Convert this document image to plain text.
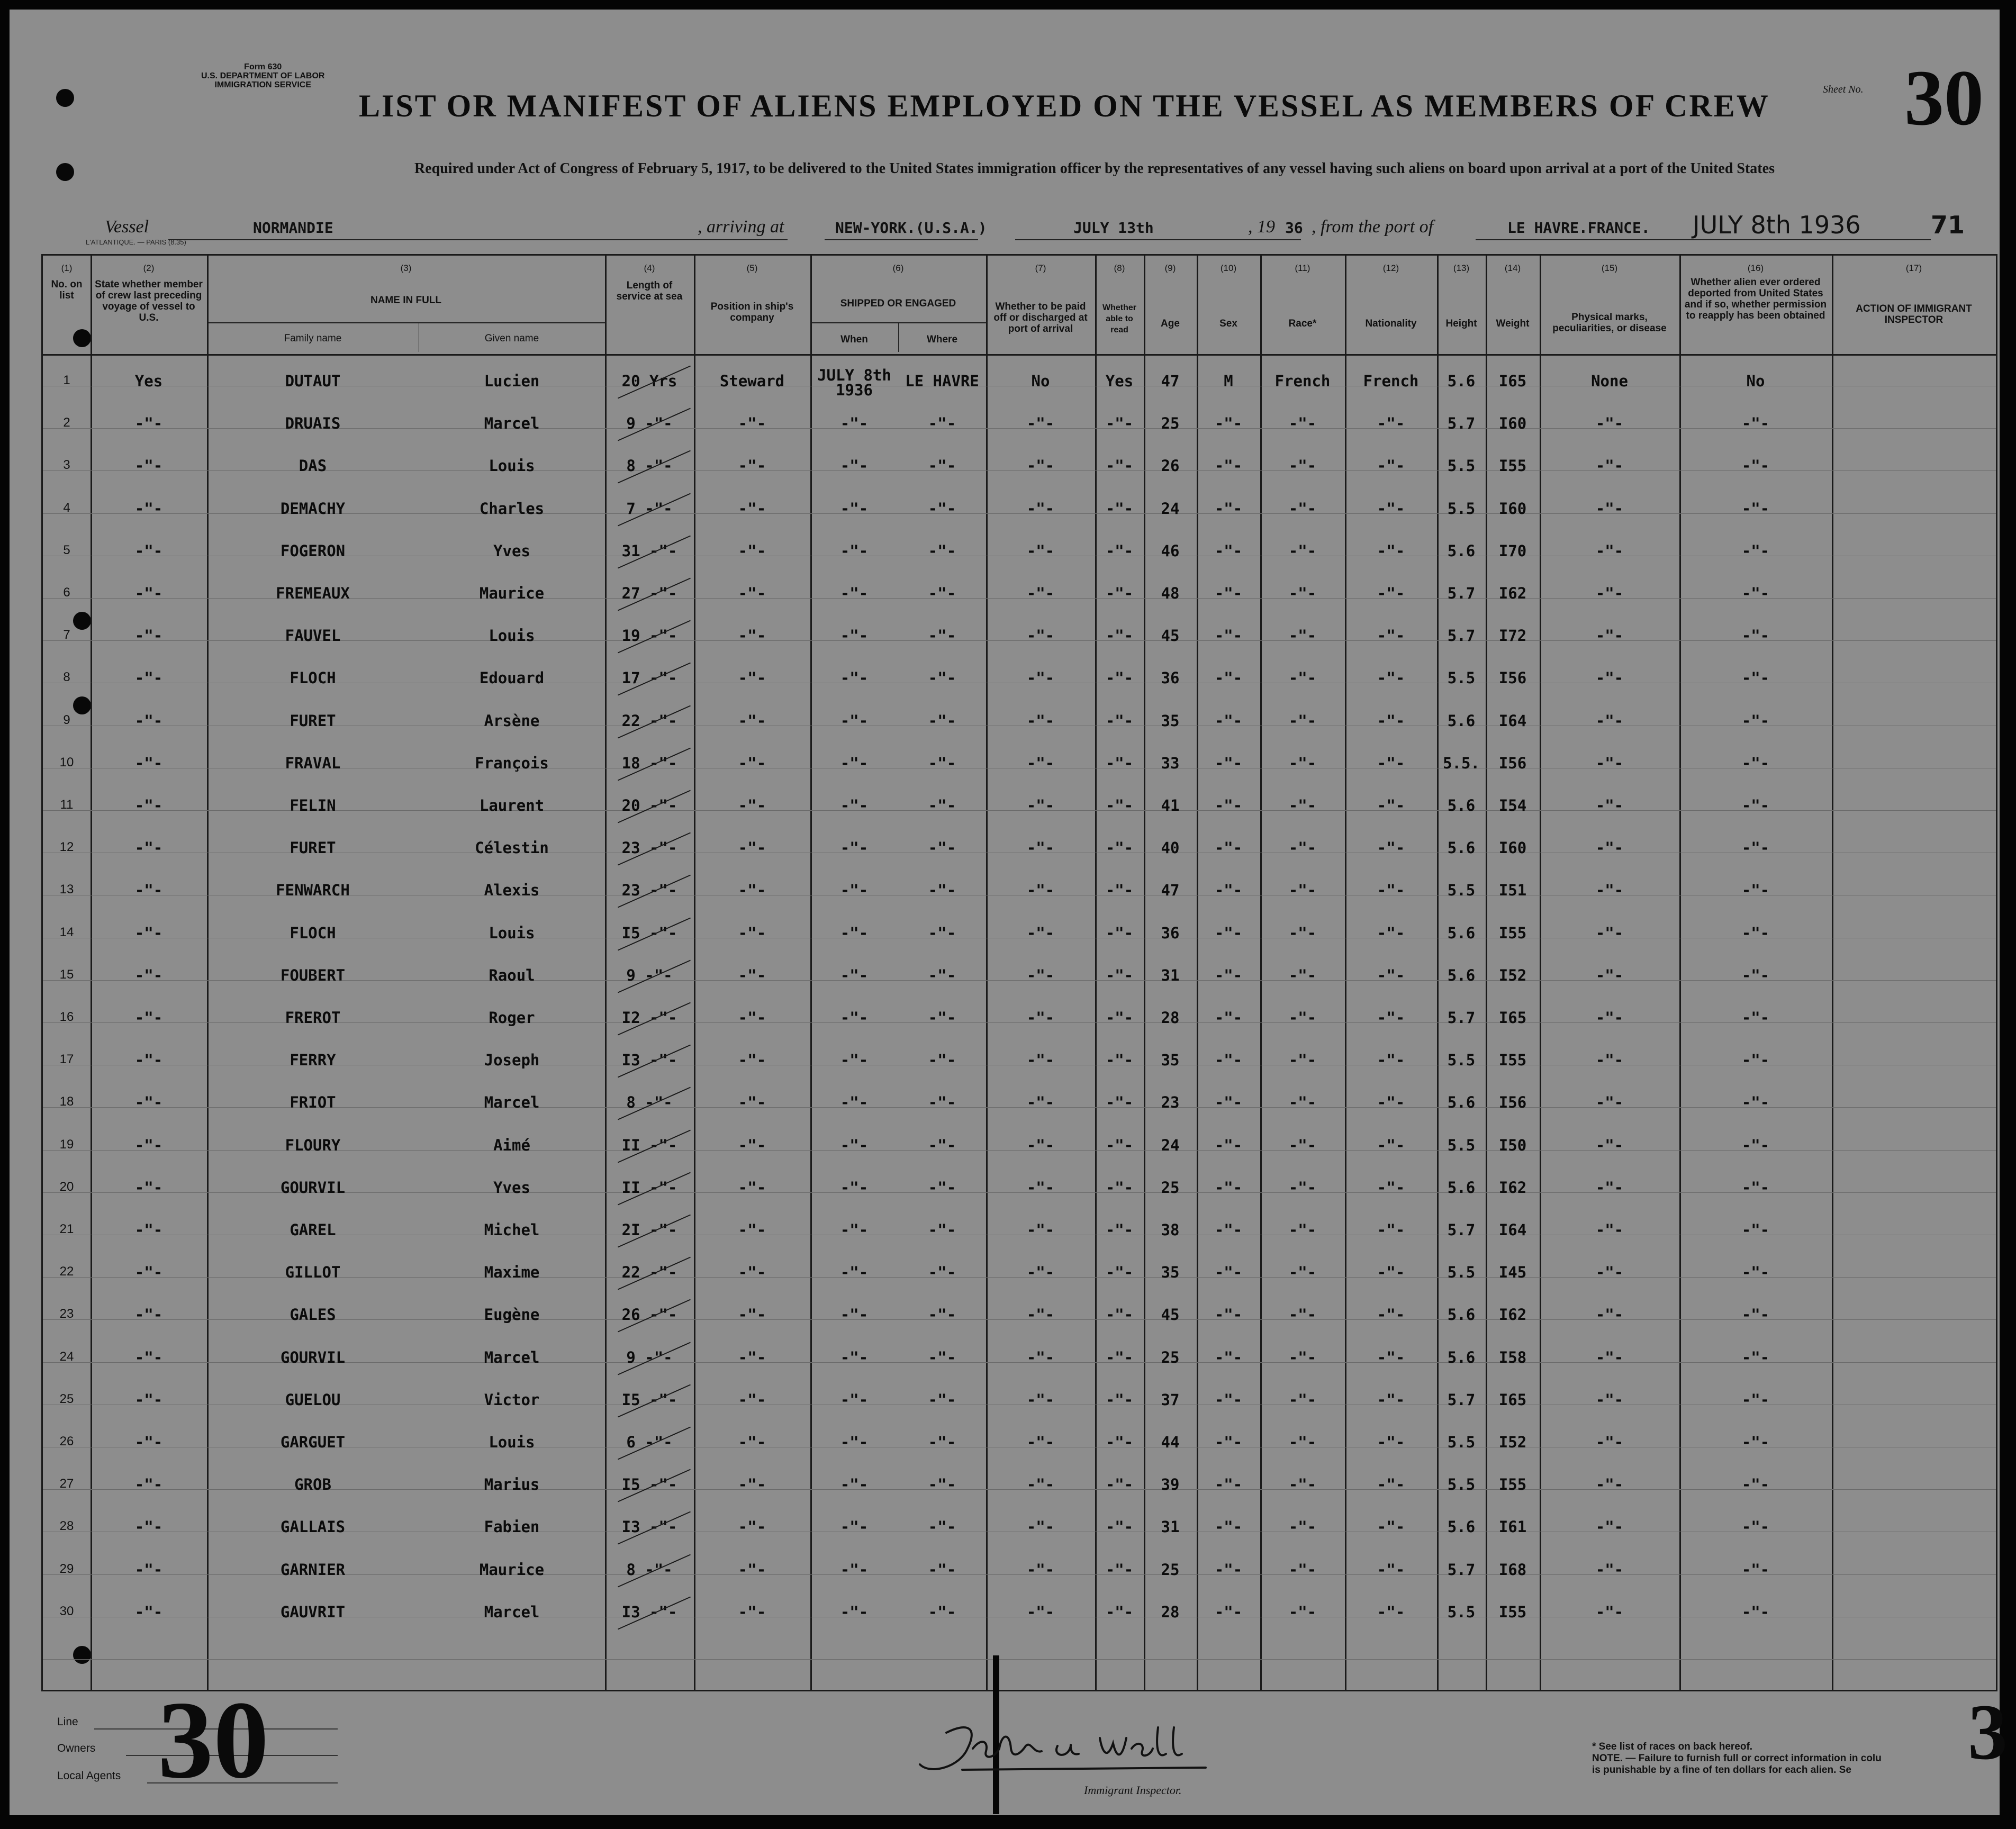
Form 630
U.S. DEPARTMENT OF LABOR
IMMIGRATION SERVICE
LIST OR MANIFEST OF ALIENS EMPLOYED ON THE VESSEL AS MEMBERS OF CREW	Sheet No. 30
Required under Act of Congress of February 5, 1917, to be delivered to the United States immigration officer by the representatives of any vessel having such aliens on board upon arrival at a port of the United States
Vessel	NORMANDIE	, arriving at	NEW-YORK.(U.S.A.)	JULY 13th	, 19 36 , from the port of	LE HAVRE.FRANCE. JULY 8th 1936	71
L'ATLANTIQUE. — PARIS (8.35)
(1)
No. on list
(2)
State whether member of crew last preceding voyage of vessel to U.S.
(3)
NAME IN FULL
Family name	Given name
(4)
Length of service at sea
(5)
Position in ship's company
(6)
SHIPPED OR ENGAGED
When	Where
(7)
Whether to be paid off or discharged at port of arrival
(8)
Whether able to read
(9)
Age
(10)
Sex
(11)
Race*
(12)
Nationality
(13)
Height
(14)
Weight
(15)
Physical marks, peculiarities, or disease
(16)
Whether alien ever ordered deported from United States and if so, whether permission to reapply has been obtained
(17)
ACTION OF IMMIGRANT INSPECTOR
1	Yes	DUTAUT	Lucien	20 Yrs	Steward	JULY 8th 1936	LE HAVRE	No	Yes	47	M	French	French	5.6	I65	None	No
2	-"-	DRUAIS	Marcel	9 -"-	-"-	-"-	-"-	-"-	-"-	25	-"-	-"-	-"-	5.7	I60	-"-	-"-
3	-"-	DAS	Louis	8 -"-	-"-	-"-	-"-	-"-	-"-	26	-"-	-"-	-"-	5.5	I55	-"-	-"-
4	-"-	DEMACHY	Charles	7 -"-	-"-	-"-	-"-	-"-	-"-	24	-"-	-"-	-"-	5.5	I60	-"-	-"-
5	-"-	FOGERON	Yves	31 -"-	-"-	-"-	-"-	-"-	-"-	46	-"-	-"-	-"-	5.6	I70	-"-	-"-
6	-"-	FREMEAUX	Maurice	27 -"-	-"-	-"-	-"-	-"-	-"-	48	-"-	-"-	-"-	5.7	I62	-"-	-"-
7	-"-	FAUVEL	Louis	19 -"-	-"-	-"-	-"-	-"-	-"-	45	-"-	-"-	-"-	5.7	I72	-"-	-"-
8	-"-	FLOCH	Edouard	17 -"-	-"-	-"-	-"-	-"-	-"-	36	-"-	-"-	-"-	5.5	I56	-"-	-"-
9	-"-	FURET	Arsène	22 -"-	-"-	-"-	-"-	-"-	-"-	35	-"-	-"-	-"-	5.6	I64	-"-	-"-
10	-"-	FRAVAL	François	18 -"-	-"-	-"-	-"-	-"-	-"-	33	-"-	-"-	-"-	5.5.	I56	-"-	-"-
11	-"-	FELIN	Laurent	20 -"-	-"-	-"-	-"-	-"-	-"-	41	-"-	-"-	-"-	5.6	I54	-"-	-"-
12	-"-	FURET	Célestin	23 -"-	-"-	-"-	-"-	-"-	-"-	40	-"-	-"-	-"-	5.6	I60	-"-	-"-
13	-"-	FENWARCH	Alexis	23 -"-	-"-	-"-	-"-	-"-	-"-	47	-"-	-"-	-"-	5.5	I51	-"-	-"-
14	-"-	FLOCH	Louis	I5 -"-	-"-	-"-	-"-	-"-	-"-	36	-"-	-"-	-"-	5.6	I55	-"-	-"-
15	-"-	FOUBERT	Raoul	9 -"-	-"-	-"-	-"-	-"-	-"-	31	-"-	-"-	-"-	5.6	I52	-"-	-"-
16	-"-	FREROT	Roger	I2 -"-	-"-	-"-	-"-	-"-	-"-	28	-"-	-"-	-"-	5.7	I65	-"-	-"-
17	-"-	FERRY	Joseph	I3 -"-	-"-	-"-	-"-	-"-	-"-	35	-"-	-"-	-"-	5.5	I55	-"-	-"-
18	-"-	FRIOT	Marcel	8 -"-	-"-	-"-	-"-	-"-	-"-	23	-"-	-"-	-"-	5.6	I56	-"-	-"-
19	-"-	FLOURY	Aimé	II -"-	-"-	-"-	-"-	-"-	-"-	24	-"-	-"-	-"-	5.5	I50	-"-	-"-
20	-"-	GOURVIL	Yves	II -"-	-"-	-"-	-"-	-"-	-"-	25	-"-	-"-	-"-	5.6	I62	-"-	-"-
21	-"-	GAREL	Michel	2I -"-	-"-	-"-	-"-	-"-	-"-	38	-"-	-"-	-"-	5.7	I64	-"-	-"-
22	-"-	GILLOT	Maxime	22 -"-	-"-	-"-	-"-	-"-	-"-	35	-"-	-"-	-"-	5.5	I45	-"-	-"-
23	-"-	GALES	Eugène	26 -"-	-"-	-"-	-"-	-"-	-"-	45	-"-	-"-	-"-	5.6	I62	-"-	-"-
24	-"-	GOURVIL	Marcel	9 -"-	-"-	-"-	-"-	-"-	-"-	25	-"-	-"-	-"-	5.6	I58	-"-	-"-
25	-"-	GUELOU	Victor	I5 -"-	-"-	-"-	-"-	-"-	-"-	37	-"-	-"-	-"-	5.7	I65	-"-	-"-
26	-"-	GARGUET	Louis	6 -"-	-"-	-"-	-"-	-"-	-"-	44	-"-	-"-	-"-	5.5	I52	-"-	-"-
27	-"-	GROB	Marius	I5 -"-	-"-	-"-	-"-	-"-	-"-	39	-"-	-"-	-"-	5.5	I55	-"-	-"-
28	-"-	GALLAIS	Fabien	I3 -"-	-"-	-"-	-"-	-"-	-"-	31	-"-	-"-	-"-	5.6	I61	-"-	-"-
29	-"-	GARNIER	Maurice	8 -"-	-"-	-"-	-"-	-"-	-"-	25	-"-	-"-	-"-	5.7	I68	-"-	-"-
30	-"-	GAUVRIT	Marcel	I3 -"-	-"-	-"-	-"-	-"-	-"-	28	-"-	-"-	-"-	5.5	I55	-"-	-"-
Line
Owners
Local Agents 30	3
Immigrant Inspector.
* See list of races on back hereof.
NOTE. — Failure to furnish full or correct information in colu
is punishable by a fine of ten dollars for each alien. Se
